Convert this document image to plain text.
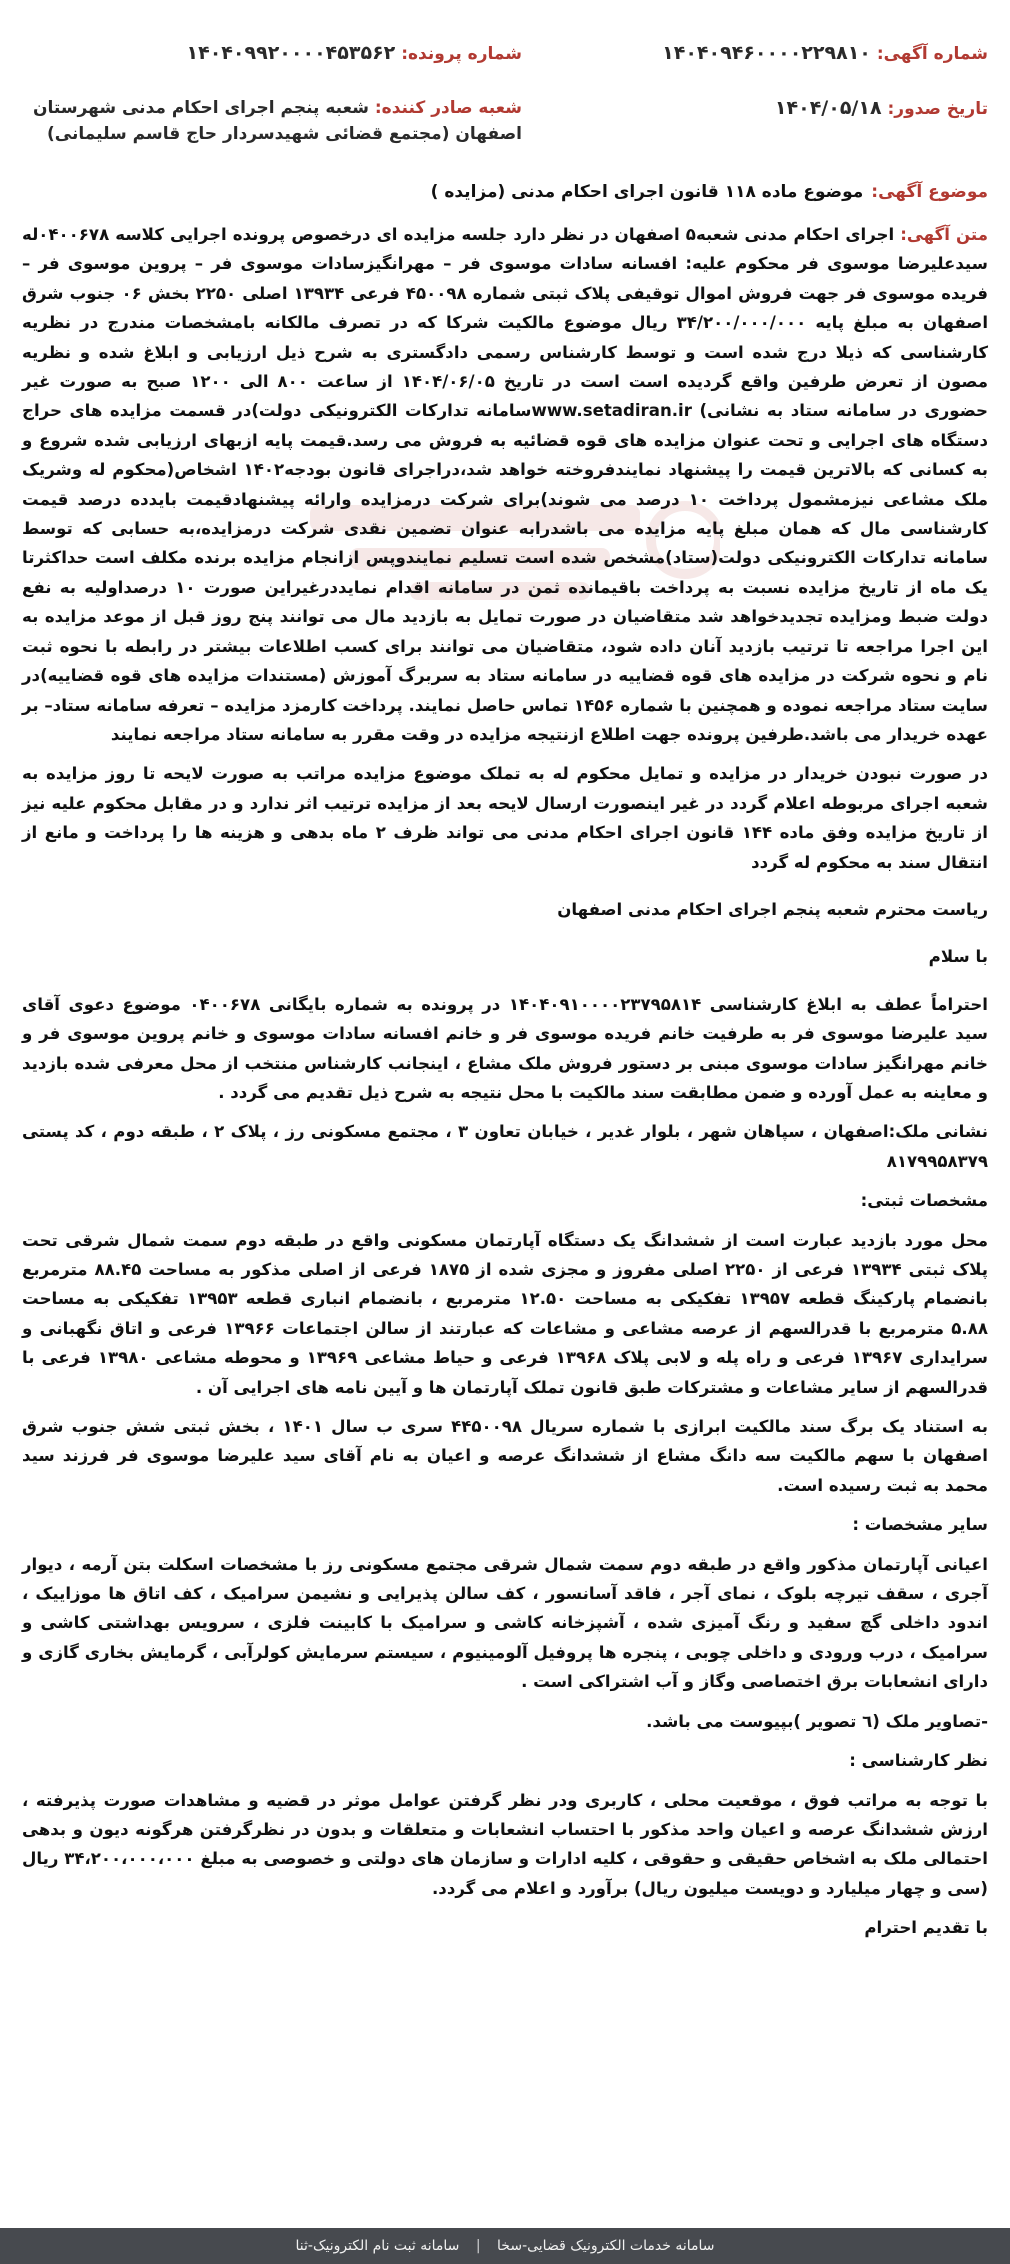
شماره آگهی: ۱۴۰۴۰۹۴۶۰۰۰۰۲۲۹۸۱۰
تاریخ صدور: ۱۴۰۴/۰۵/۱۸
شماره پرونده: ۱۴۰۴۰۹۹۲۰۰۰۰۴۵۳۵۶۲
شعبه صادر کننده: شعبه پنجم اجرای احکام مدنی شهرستان اصفهان (مجتمع قضائی شهیدسردار حاج قاسم سلیمانی)
موضوع آگهی:موضوع ماده ۱۱۸ قانون اجرای احکام مدنی (مزایده )

متن آگهی:اجرای احکام مدنی شعبه۵ اصفهان در نظر دارد جلسه مزایده ای درخصوص پرونده اجرایی کلاسه ۰۴۰۰۶۷۸له سیدعلیرضا موسوی فر محکوم علیه: افسانه سادات موسوی فر – مهرانگیزسادات موسوی فر – پروین موسوی فر – فریده موسوی فر جهت فروش اموال توقیفی پلاک ثبتی شماره ۴۵۰۰۹۸ فرعی ۱۳۹۳۴ اصلی ۲۲۵۰ بخش ۰۶ جنوب شرق اصفهان به مبلغ پایه ۳۴/۲۰۰/۰۰۰/۰۰۰ ریال موضوع مالکیت شرکا که در تصرف مالکانه بامشخصات مندرج در نظریه کارشناسی که ذیلا درج شده است و توسط کارشناس رسمی دادگستری به شرح ذیل ارزیابی و ابلاغ شده و نظریه مصون از تعرض طرفین واقع گردیده است است در تاریخ ۱۴۰۴/۰۶/۰۵ از ساعت ۸۰۰ الی ۱۲۰۰ صبح به صورت غیر حضوری در سامانه ستاد به نشانی) www.setadiran.irسامانه تدارکات الکترونیکی دولت)در قسمت مزایده های حراج دستگاه های اجرایی و تحت عنوان مزایده های قوه قضائیه به فروش می رسد.قیمت پایه ازبهای ارزیابی شده شروع و به کسانی که بالاترین قیمت را پیشنهاد نمایندفروخته خواهد شد،دراجرای قانون بودجه۱۴۰۲ اشخاص(محکوم له وشریک ملک مشاعی نیزمشمول پرداخت ۱۰ درصد می شوند)برای شرکت درمزایده وارائه پیشنهادقیمت بایدده درصد قیمت کارشناسی مال که همان مبلغ پایه مزایده می باشدرابه عنوان تضمین نقدی شرکت درمزایده،به حسابی که توسط سامانه تدارکات الکترونیکی دولت(ستاد)مشخص شده است تسلیم نمایندوپس ازانجام مزایده برنده مکلف است حداکثرتا یک ماه از تاریخ مزایده نسبت به پرداخت باقیمانده ثمن در سامانه اقدام نمایددرغیراین صورت ۱۰ درصداولیه به نفع دولت ضبط ومزایده تجدیدخواهد شد متقاضیان در صورت تمایل به بازدید مال می توانند پنج روز قبل از موعد مزایده به این اجرا مراجعه تا ترتیب بازدید آنان داده شود، متقاضیان می توانند برای کسب اطلاعات بیشتر در رابطه با نحوه ثبت نام و نحوه شرکت در مزایده های قوه قضاییه در سامانه ستاد به سربرگ آموزش (مستندات مزایده های قوه قضاییه)در سایت ستاد مراجعه نموده و همچنین با شماره ۱۴۵۶ تماس حاصل نمایند. پرداخت کارمزد مزایده – تعرفه سامانه ستاد– بر عهده خریدار می باشد.طرفین پرونده جهت اطلاع ازنتیجه مزایده در وقت مقرر به سامانه ستاد مراجعه نمایند

در صورت نبودن خریدار در مزایده و تمایل محکوم له به تملک موضوع مزایده مراتب به صورت لایحه تا روز مزایده به شعبه اجرای مربوطه اعلام گردد در غیر اینصورت ارسال لایحه بعد از مزایده ترتیب اثر ندارد و در مقابل محکوم علیه نیز از تاریخ مزایده وفق ماده ۱۴۴ قانون اجرای احکام مدنی می تواند ظرف ۲ ماه بدهی و هزینه ها را پرداخت و مانع از انتقال سند به محکوم له گردد

ریاست محترم شعبه پنجم اجرای احکام مدنی اصفهان

با سلام

احتراماً عطف به ابلاغ کارشناسی ۱۴۰۴۰۹۱۰۰۰۰۲۳۷۹۵۸۱۴ در پرونده به شماره بایگانی ۰۴۰۰۶۷۸ موضوع دعوی آقای سید علیرضا موسوی فر به طرفیت خانم فریده موسوی فر و خانم افسانه سادات موسوی و خانم پروین موسوی فر و خانم مهرانگیز سادات موسوی مبنی بر دستور فروش ملک مشاع ، اینجانب کارشناس منتخب از محل معرفی شده بازدید و معاینه به عمل آورده و ضمن مطابقت سند مالکیت با محل نتیجه به شرح ذیل تقدیم می گردد .

نشانی ملک:اصفهان ، سپاهان شهر ، بلوار غدیر ، خیابان تعاون ۳ ، مجتمع مسکونی رز ، پلاک ۲ ، طبقه دوم ، کد پستی ۸۱۷۹۹۵۸۳۷۹

مشخصات ثبتی:

محل مورد بازدید عبارت است از ششدانگ یک دستگاه آپارتمان مسکونی واقع در طبقه دوم سمت شمال شرقی تحت پلاک ثبتی ۱۳۹۳۴ فرعی از ۲۲۵۰ اصلی مفروز و مجزی شده از ۱۸۷۵ فرعی از اصلی مذکور به مساحت ۸۸.۴۵ مترمربع بانضمام پارکینگ قطعه ۱۳۹۵۷ تفکیکی به مساحت ۱۲.۵۰ مترمربع ، بانضمام انباری قطعه ۱۳۹۵۳ تفکیکی به مساحت ۵.۸۸ مترمربع با قدرالسهم از عرصه مشاعی و مشاعات که عبارتند از سالن اجتماعات ۱۳۹۶۶ فرعی و اتاق نگهبانی و سرایداری ۱۳۹۶۷ فرعی و راه پله و لابی پلاک ۱۳۹۶۸ فرعی و حیاط مشاعی ۱۳۹۶۹ و محوطه مشاعی ۱۳۹۸۰ فرعی با قدرالسهم از سایر مشاعات و مشترکات طبق قانون تملک آپارتمان ها و آیین نامه های اجرایی آن .

به استناد یک برگ سند مالکیت ابرازی با شماره سریال ۴۴۵۰۰۹۸ سری ب سال ۱۴۰۱ ، بخش ثبتی شش جنوب شرق اصفهان با سهم مالکیت سه دانگ مشاع از ششدانگ عرصه و اعیان به نام آقای سید علیرضا موسوی فر فرزند سید محمد به ثبت رسیده است.

سایر مشخصات :

اعیانی آپارتمان مذکور واقع در طبقه دوم سمت شمال شرقی مجتمع مسکونی رز با مشخصات اسکلت بتن آرمه ، دیوار آجری ، سقف تیرچه بلوک ، نمای آجر ، فاقد آسانسور ، کف سالن پذیرایی و نشیمن سرامیک ، کف اتاق ها موزاییک ، اندود داخلی گچ سفید و رنگ آمیزی شده ، آشپزخانه کاشی و سرامیک با کابینت فلزی ، سرویس بهداشتی کاشی و سرامیک ، درب ورودی و داخلی چوبی ، پنجره ها پروفیل آلومینیوم ، سیستم سرمایش کولرآبی ، گرمایش بخاری گازی و دارای انشعابات برق اختصاصی وگاز و آب اشتراکی است .

-تصاویر ملک (٦ تصویر )بپیوست می باشد.

نظر کارشناسی :

با توجه به مراتب فوق ، موقعیت محلی ، کاربری ودر نظر گرفتن عوامل موثر در قضیه و مشاهدات صورت پذیرفته ، ارزش ششدانگ عرصه و اعیان واحد مذکور با احتساب انشعابات و متعلقات و بدون در نظرگرفتن هرگونه دیون و بدهی احتمالی ملک به اشخاص حقیقی و حقوقی ، کلیه ادارات و سازمان های دولتی و خصوصی به مبلغ ۳۴،۲۰۰،۰۰۰،۰۰۰ ریال (سی و چهار میلیارد و دویست میلیون ریال) برآورد و اعلام می گردد.

با تقدیم احترام

سامانه خدمات الکترونیک قضایی-سخا | سامانه ثبت نام الکترونیک-ثنا
